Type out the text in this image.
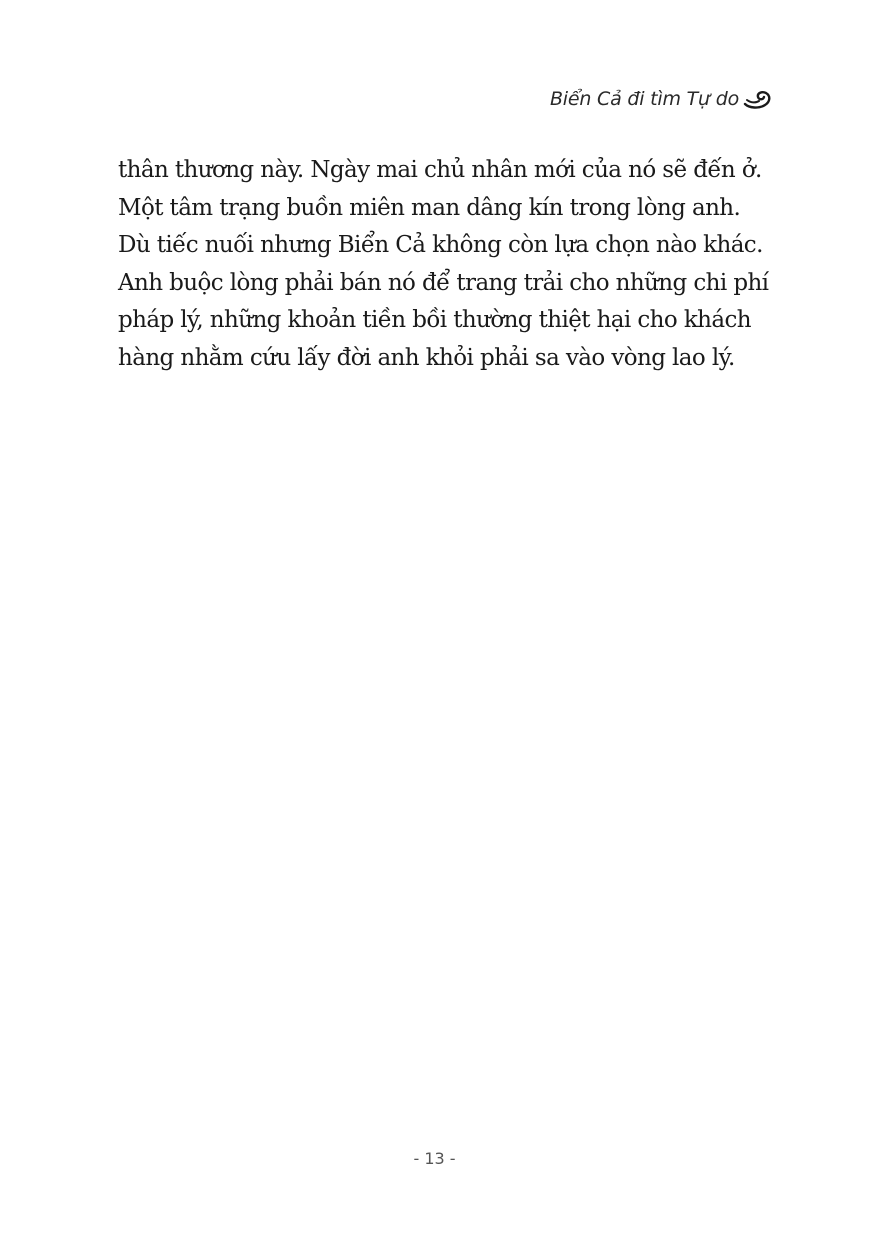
Biển Cả đi tìm Tự do

thân thương này. Ngày mai chủ nhân mới của nó sẽ đến ở.
Một tâm trạng buồn miên man dâng kín trong lòng anh.
Dù tiếc nuối nhưng Biển Cả không còn lựa chọn nào khác.
Anh buộc lòng phải bán nó để trang trải cho những chi phí
pháp lý, những khoản tiền bồi thường thiệt hại cho khách
hàng nhằm cứu lấy đời anh khỏi phải sa vào vòng lao lý.

- 13 -
